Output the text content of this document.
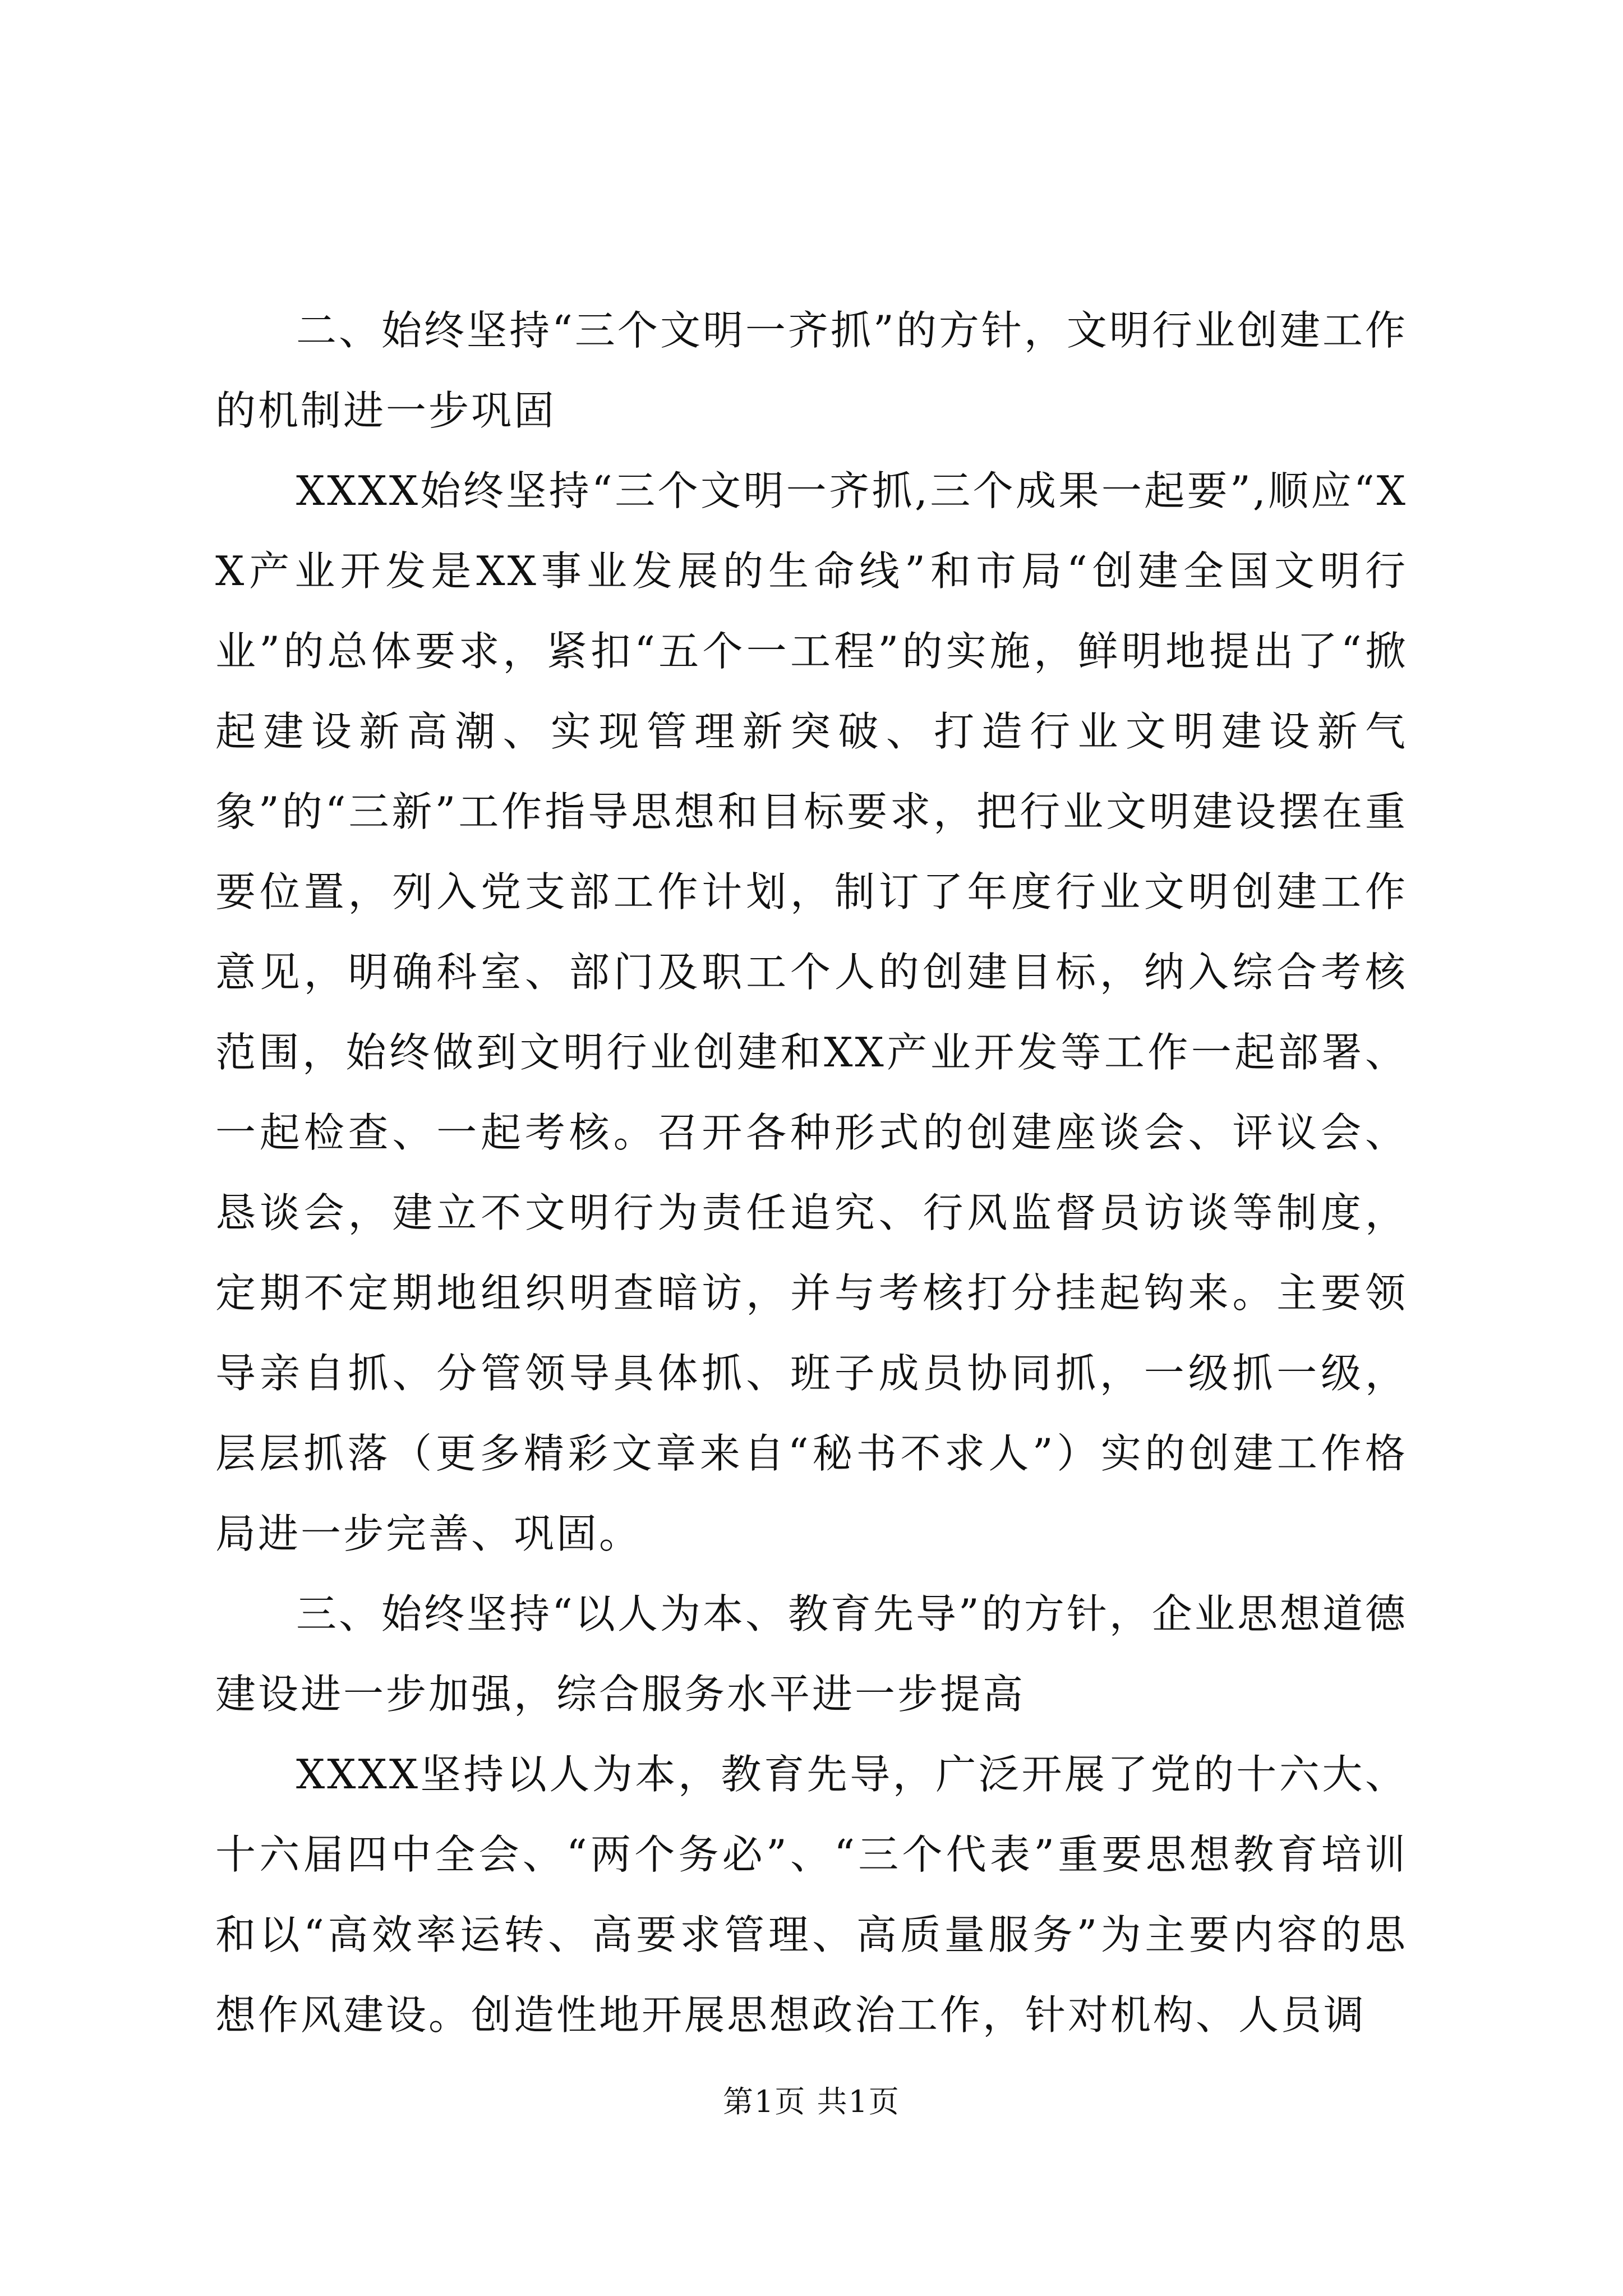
二、始终坚持“三个文明一齐抓”的方针，文明行业创建工作的机制进一步巩固

XXXX始终坚持“三个文明一齐抓,三个成果一起要”,顺应“XX产业开发是XX事业发展的生命线”和市局“创建全国文明行业”的总体要求，紧扣“五个一工程”的实施，鲜明地提出了“掀起建设新高潮、实现管理新突破、打造行业文明建设新气象”的“三新”工作指导思想和目标要求，把行业文明建设摆在重要位置，列入党支部工作计划，制订了年度行业文明创建工作意见，明确科室、部门及职工个人的创建目标，纳入综合考核范围，始终做到文明行业创建和XX产业开发等工作一起部署、一起检查、一起考核。召开各种形式的创建座谈会、评议会、恳谈会，建立不文明行为责任追究、行风监督员访谈等制度，定期不定期地组织明查暗访，并与考核打分挂起钩来。主要领导亲自抓、分管领导具体抓、班子成员协同抓，一级抓一级，层层抓落（更多精彩文章来自“秘书不求人”）实的创建工作格局进一步完善、巩固。

三、始终坚持“以人为本、教育先导”的方针，企业思想道德建设进一步加强，综合服务水平进一步提高

XXXX坚持以人为本，教育先导，广泛开展了党的十六大、十六届四中全会、“两个务必”、“三个代表”重要思想教育培训和以“高效率运转、高要求管理、高质量服务”为主要内容的思想作风建设。创造性地开展思想政治工作，针对机构、人员调

第1页 共1页
